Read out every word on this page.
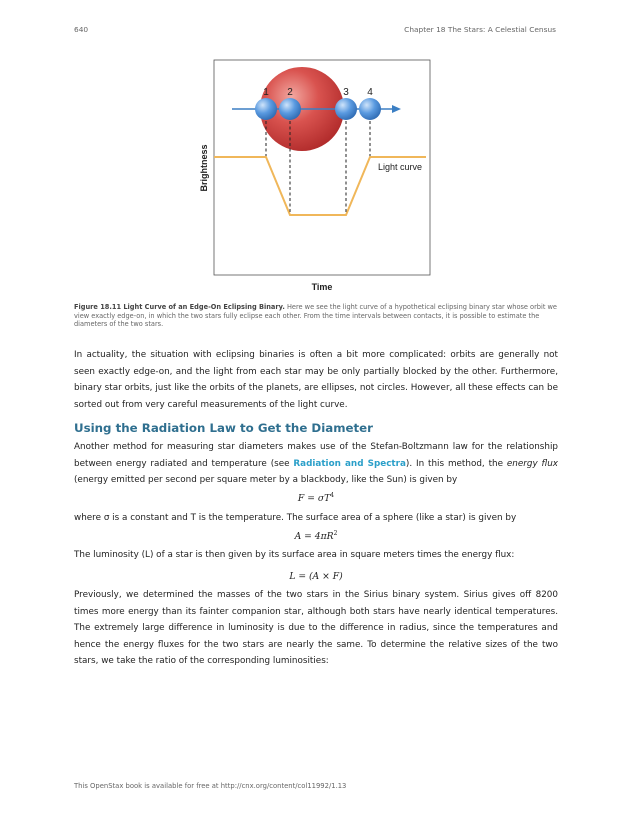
640	Chapter 18 The Stars: A Celestial Census
1 2	3 4
Light curve
Brightness
Time
Figure 18.11 Light Curve of an Edge-On Eclipsing Binary. Here we see the light curve of a hypothetical eclipsing binary star whose orbit we view exactly edge-on, in which the two stars fully eclipse each other. From the time intervals between contacts, it is possible to estimate the diameters of the two stars.

In actuality, the situation with eclipsing binaries is often a bit more complicated: orbits are generally not seen exactly edge-on, and the light from each star may be only partially blocked by the other. Furthermore, binary star orbits, just like the orbits of the planets, are ellipses, not circles. However, all these effects can be sorted out from very careful measurements of the light curve.

Using the Radiation Law to Get the Diameter

Another method for measuring star diameters makes use of the Stefan-Boltzmann law for the relationship between energy radiated and temperature (see Radiation and Spectra). In this method, the energy flux (energy emitted per second per square meter by a blackbody, like the Sun) is given by

$F = \sigma T^4$

where σ is a constant and T is the temperature. The surface area of a sphere (like a star) is given by

$A = 4\pi R^2$

The luminosity (L) of a star is then given by its surface area in square meters times the energy flux:

L = (A × F)

Previously, we determined the masses of the two stars in the Sirius binary system. Sirius gives off 8200 times more energy than its fainter companion star, although both stars have nearly identical temperatures. The extremely large difference in luminosity is due to the difference in radius, since the temperatures and hence the energy fluxes for the two stars are nearly the same. To determine the relative sizes of the two stars, we take the ratio of the corresponding luminosities:

This OpenStax book is available for free at http://cnx.org/content/col11992/1.13
